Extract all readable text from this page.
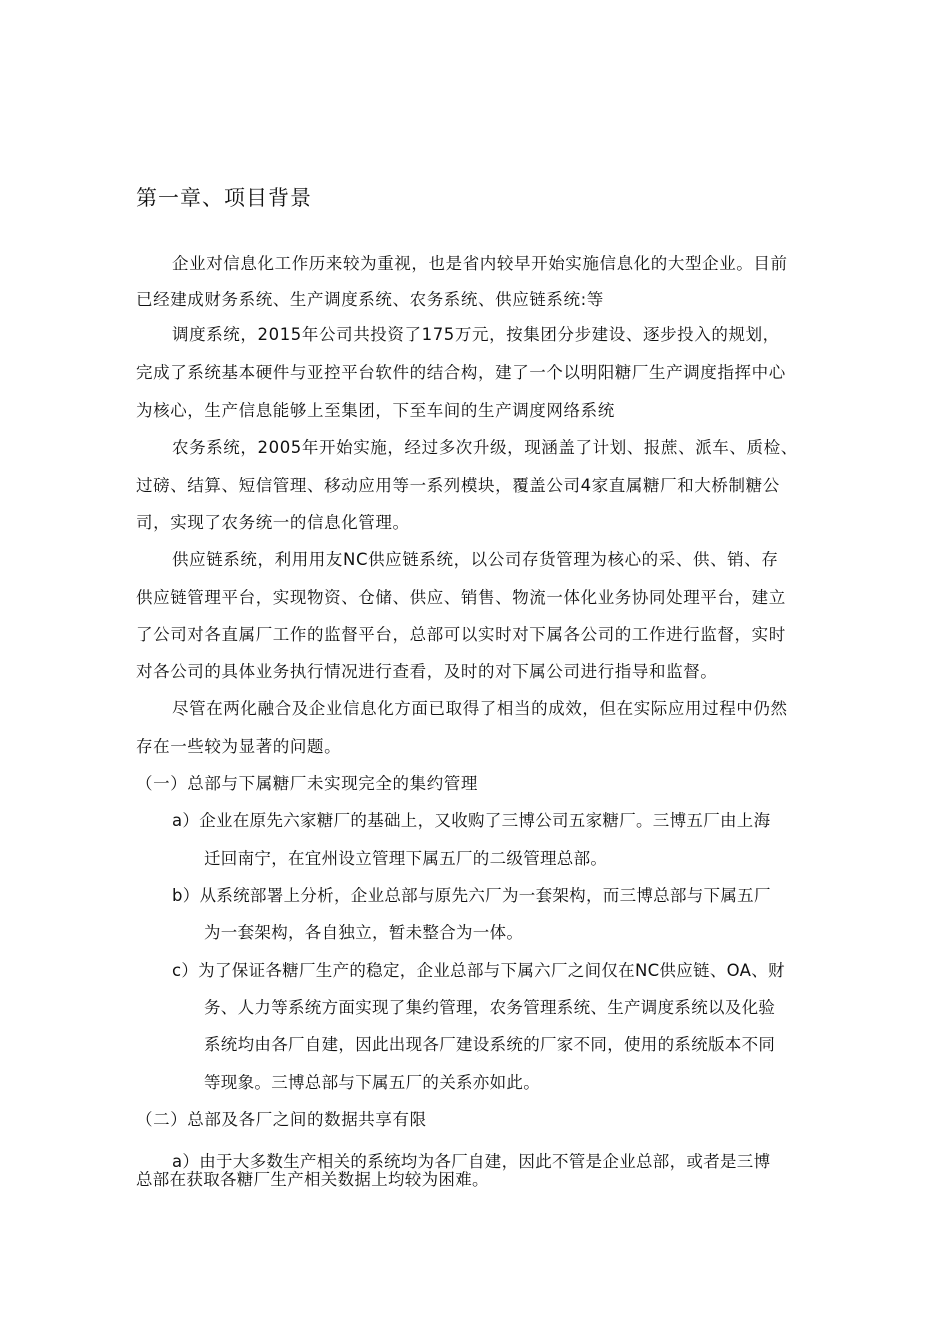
第一章、项目背景
企业对信息化工作历来较为重视，也是省内较早开始实施信息化的大型企业。目前
已经建成财务系统、生产调度系统、农务系统、供应链系统:等
调度系统，2015年公司共投资了175万元，按集团分步建设、逐步投入的规划，
完成了系统基本硬件与亚控平台软件的结合构，建了一个以明阳糖厂生产调度指挥中心
为核心，生产信息能够上至集团，下至车间的生产调度网络系统
农务系统，2005年开始实施，经过多次升级，现涵盖了计划、报蔗、派车、质检、
过磅、结算、短信管理、移动应用等一系列模块，覆盖公司4家直属糖厂和大桥制糖公
司，实现了农务统一的信息化管理。
供应链系统，利用用友NC供应链系统，以公司存货管理为核心的采、供、销、存
供应链管理平台，实现物资、仓储、供应、销售、物流一体化业务协同处理平台，建立
了公司对各直属厂工作的监督平台，总部可以实时对下属各公司的工作进行监督，实时
对各公司的具体业务执行情况进行查看，及时的对下属公司进行指导和监督。
尽管在两化融合及企业信息化方面已取得了相当的成效，但在实际应用过程中仍然
存在一些较为显著的问题。
（一）总部与下属糖厂未实现完全的集约管理
a）企业在原先六家糖厂的基础上，又收购了三博公司五家糖厂。三博五厂由上海
迁回南宁，在宜州设立管理下属五厂的二级管理总部。
b）从系统部署上分析，企业总部与原先六厂为一套架构，而三博总部与下属五厂
为一套架构，各自独立，暂未整合为一体。
c）为了保证各糖厂生产的稳定，企业总部与下属六厂之间仅在NC供应链、OA、财
务、人力等系统方面实现了集约管理，农务管理系统、生产调度系统以及化验
系统均由各厂自建，因此出现各厂建设系统的厂家不同，使用的系统版本不同
等现象。三博总部与下属五厂的关系亦如此。
（二）总部及各厂之间的数据共享有限
a）由于大多数生产相关的系统均为各厂自建，因此不管是企业总部，或者是三博
总部在获取各糖厂生产相关数据上均较为困难。
